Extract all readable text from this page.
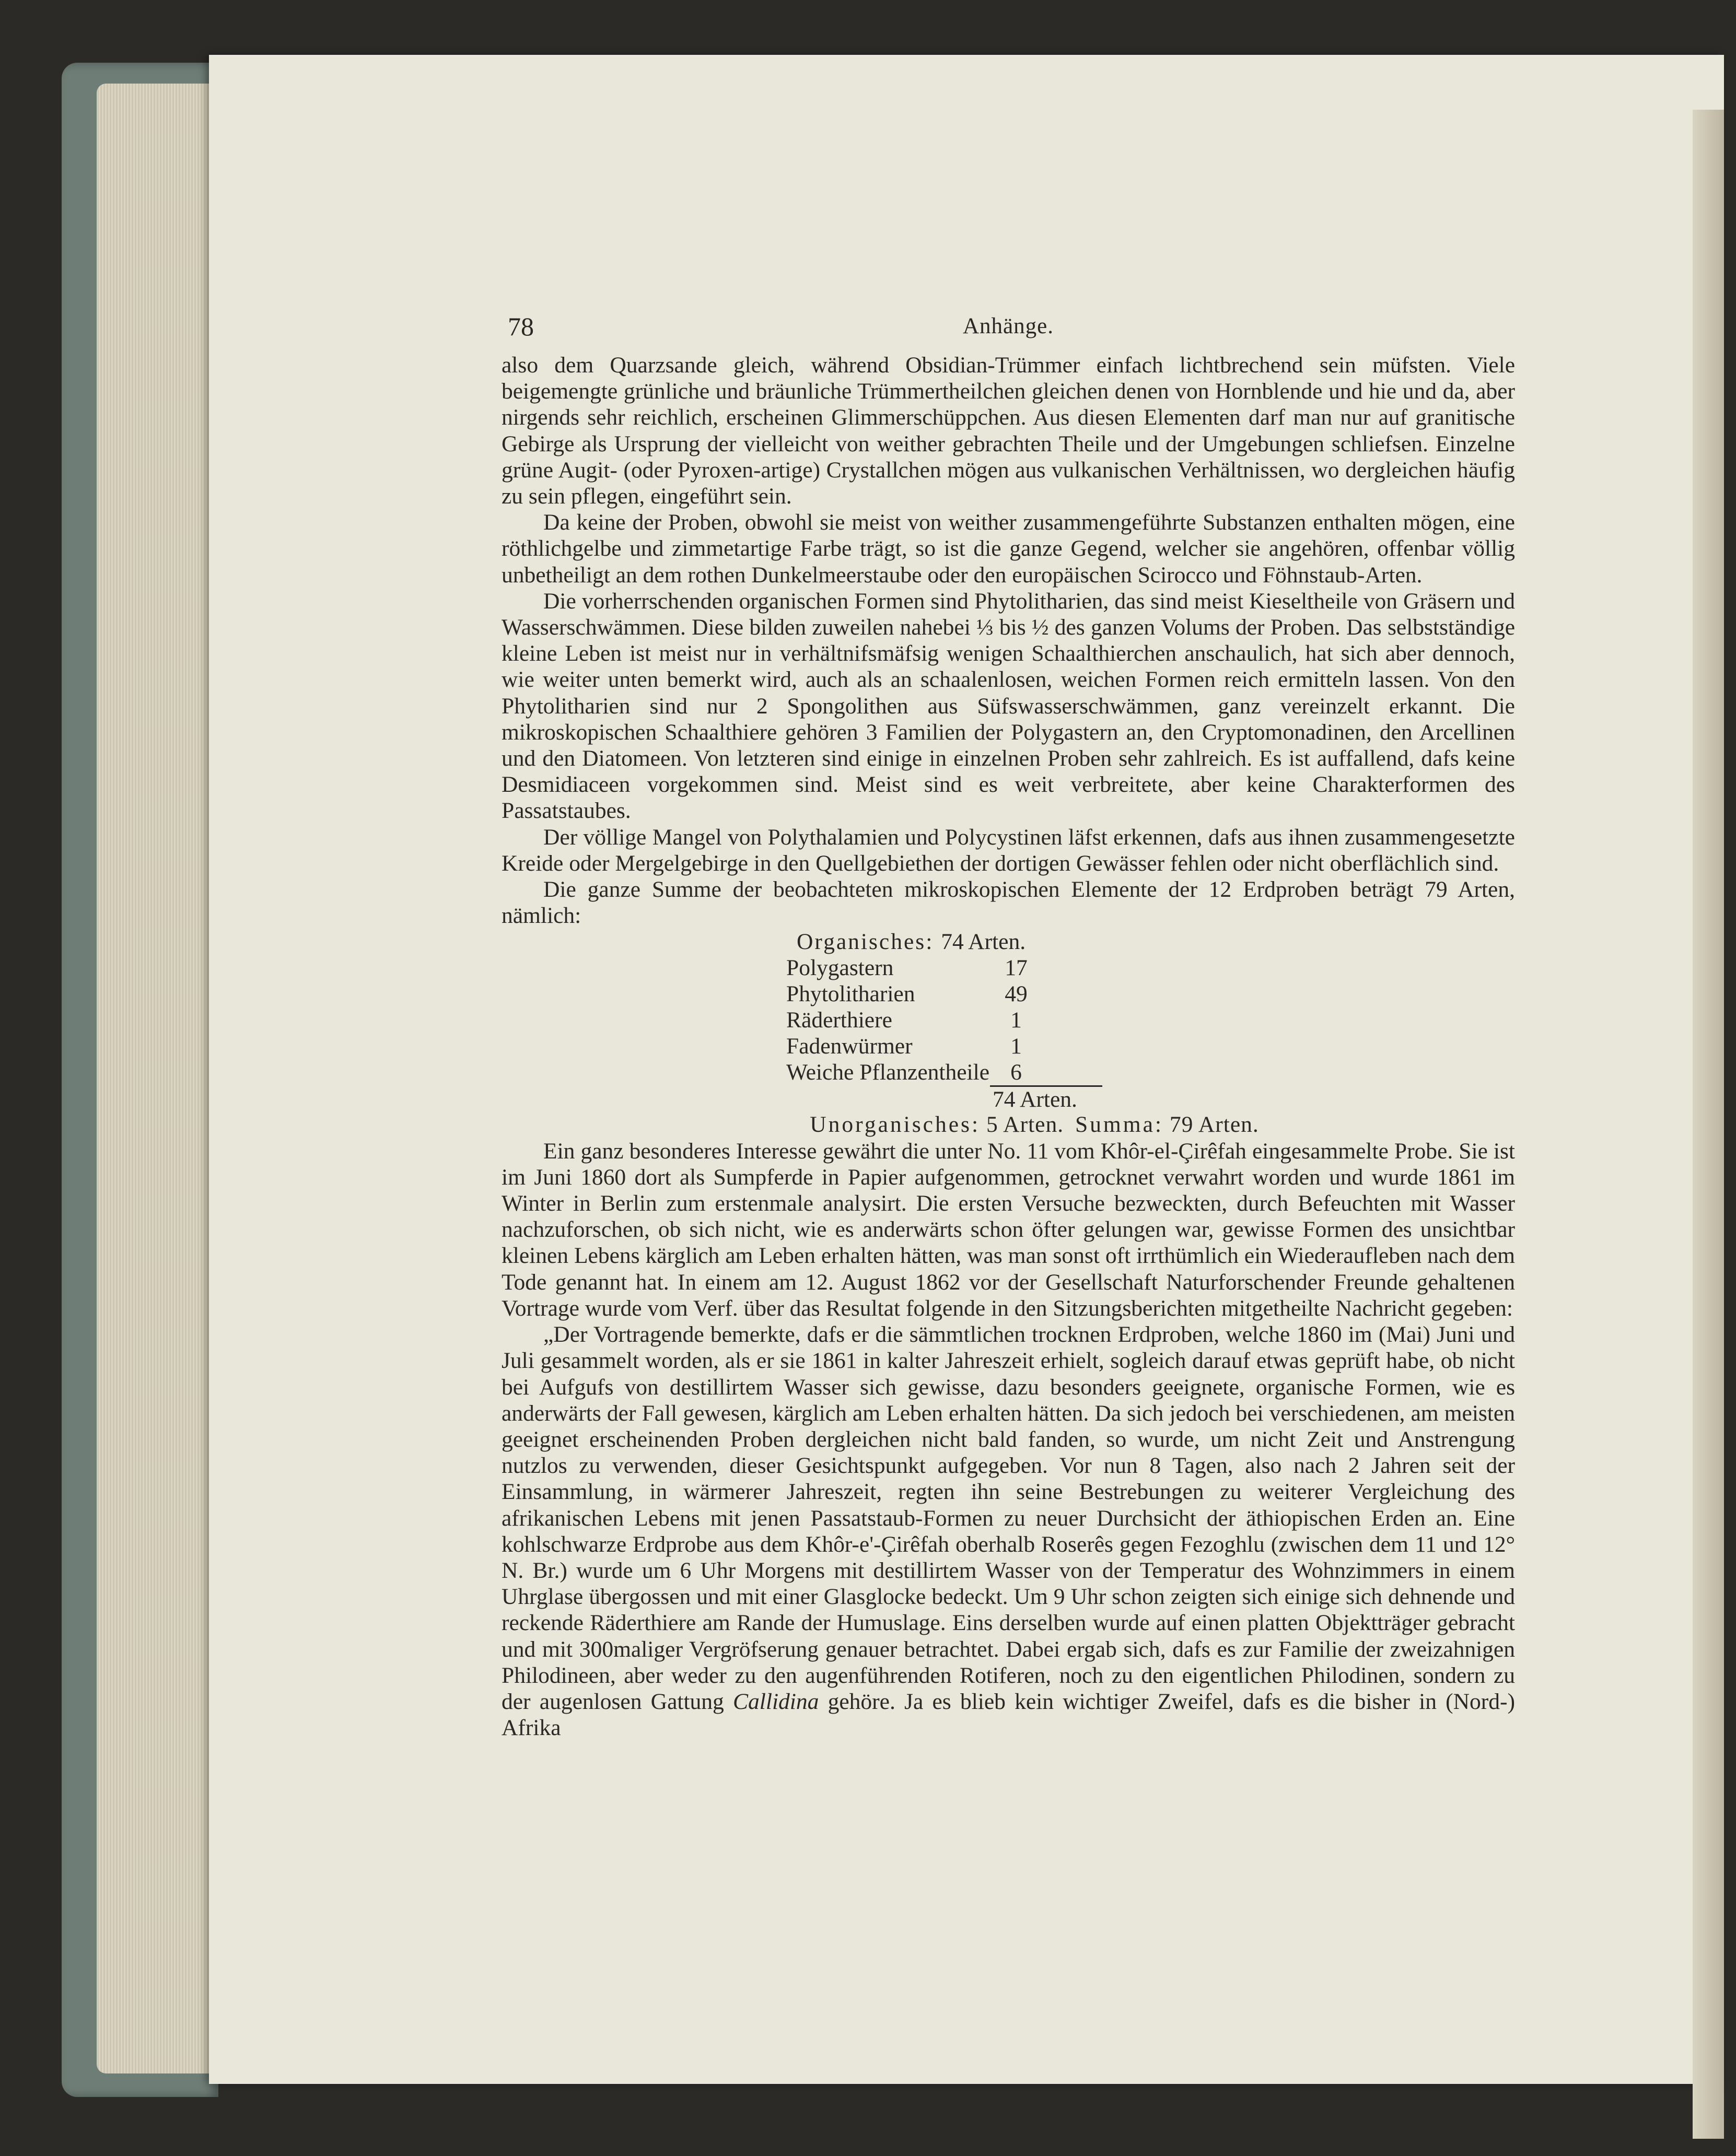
78	Anhänge.

also dem Quarzsande gleich, während Obsidian-Trümmer einfach lichtbrechend sein müfsten. Viele beigemengte grünliche und bräunliche Trümmertheilchen gleichen denen von Hornblende und hie und da, aber nirgends sehr reichlich, erscheinen Glimmerschüppchen. Aus diesen Elementen darf man nur auf granitische Gebirge als Ursprung der vielleicht von weither gebrachten Theile und der Umgebungen schliefsen. Einzelne grüne Augit- (oder Pyroxen-artige) Crystallchen mögen aus vulkanischen Verhältnissen, wo dergleichen häufig zu sein pflegen, eingeführt sein.

Da keine der Proben, obwohl sie meist von weither zusammengeführte Substanzen enthalten mögen, eine röthlichgelbe und zimmetartige Farbe trägt, so ist die ganze Gegend, welcher sie angehören, offenbar völlig unbetheiligt an dem rothen Dunkelmeerstaube oder den europäischen Scirocco und Föhnstaub-Arten.

Die vorherrschenden organischen Formen sind Phytolitharien, das sind meist Kieseltheile von Gräsern und Wasserschwämmen. Diese bilden zuweilen nahebei ⅓ bis ½ des ganzen Volums der Proben. Das selbstständige kleine Leben ist meist nur in verhältnifsmäfsig wenigen Schaalthierchen anschaulich, hat sich aber dennoch, wie weiter unten bemerkt wird, auch als an schaalenlosen, weichen Formen reich ermitteln lassen. Von den Phytolitharien sind nur 2 Spongolithen aus Süfswasserschwämmen, ganz vereinzelt erkannt. Die mikroskopischen Schaalthiere gehören 3 Familien der Polygastern an, den Cryptomonadinen, den Arcellinen und den Diatomeen. Von letzteren sind einige in einzelnen Proben sehr zahlreich. Es ist auffallend, dafs keine Desmidiaceen vorgekommen sind. Meist sind es weit verbreitete, aber keine Charakterformen des Passatstaubes.

Der völlige Mangel von Polythalamien und Polycystinen läfst erkennen, dafs aus ihnen zusammengesetzte Kreide oder Mergelgebirge in den Quellgebiethen der dortigen Gewässer fehlen oder nicht oberflächlich sind.

Die ganze Summe der beobachteten mikroskopischen Elemente der 12 Erdproben beträgt 79 Arten, nämlich:

Organisches: 74 Arten.
Polygastern	17
Phytolitharien	49
Räderthiere	1
Fadenwürmer	1
Weiche Pflanzentheile 6
74 Arten.

Unorganisches: 5 Arten. Summa: 79 Arten.

Ein ganz besonderes Interesse gewährt die unter No. 11 vom Khôr-el-Çirêfah eingesammelte Probe. Sie ist im Juni 1860 dort als Sumpferde in Papier aufgenommen, getrocknet verwahrt worden und wurde 1861 im Winter in Berlin zum erstenmale analysirt. Die ersten Versuche bezweckten, durch Befeuchten mit Wasser nachzuforschen, ob sich nicht, wie es anderwärts schon öfter gelungen war, gewisse Formen des unsichtbar kleinen Lebens kärglich am Leben erhalten hätten, was man sonst oft irrthümlich ein Wiederaufleben nach dem Tode genannt hat. In einem am 12. August 1862 vor der Gesellschaft Naturforschender Freunde gehaltenen Vortrage wurde vom Verf. über das Resultat folgende in den Sitzungsberichten mitgetheilte Nachricht gegeben:

„Der Vortragende bemerkte, dafs er die sämmtlichen trocknen Erdproben, welche 1860 im (Mai) Juni und Juli gesammelt worden, als er sie 1861 in kalter Jahreszeit erhielt, sogleich darauf etwas geprüft habe, ob nicht bei Aufgufs von destillirtem Wasser sich gewisse, dazu besonders geeignete, organische Formen, wie es anderwärts der Fall gewesen, kärglich am Leben erhalten hätten. Da sich jedoch bei verschiedenen, am meisten geeignet erscheinenden Proben dergleichen nicht bald fanden, so wurde, um nicht Zeit und Anstrengung nutzlos zu verwenden, dieser Gesichtspunkt aufgegeben. Vor nun 8 Tagen, also nach 2 Jahren seit der Einsammlung, in wärmerer Jahreszeit, regten ihn seine Bestrebungen zu weiterer Vergleichung des afrikanischen Lebens mit jenen Passatstaub-Formen zu neuer Durchsicht der äthiopischen Erden an. Eine kohlschwarze Erdprobe aus dem Khôr-e'-Çirêfah oberhalb Roserês gegen Fezoghlu (zwischen dem 11 und 12° N. Br.) wurde um 6 Uhr Morgens mit destillirtem Wasser von der Temperatur des Wohnzimmers in einem Uhrglase übergossen und mit einer Glasglocke bedeckt. Um 9 Uhr schon zeigten sich einige sich dehnende und reckende Räderthiere am Rande der Humuslage. Eins derselben wurde auf einen platten Objektträger gebracht und mit 300maliger Vergröfserung genauer betrachtet. Dabei ergab sich, dafs es zur Familie der zweizahnigen Philodineen, aber weder zu den augenführenden Rotiferen, noch zu den eigentlichen Philodinen, sondern zu der augenlosen Gattung Callidina gehöre. Ja es blieb kein wichtiger Zweifel, dafs es die bisher in (Nord-) Afrika
